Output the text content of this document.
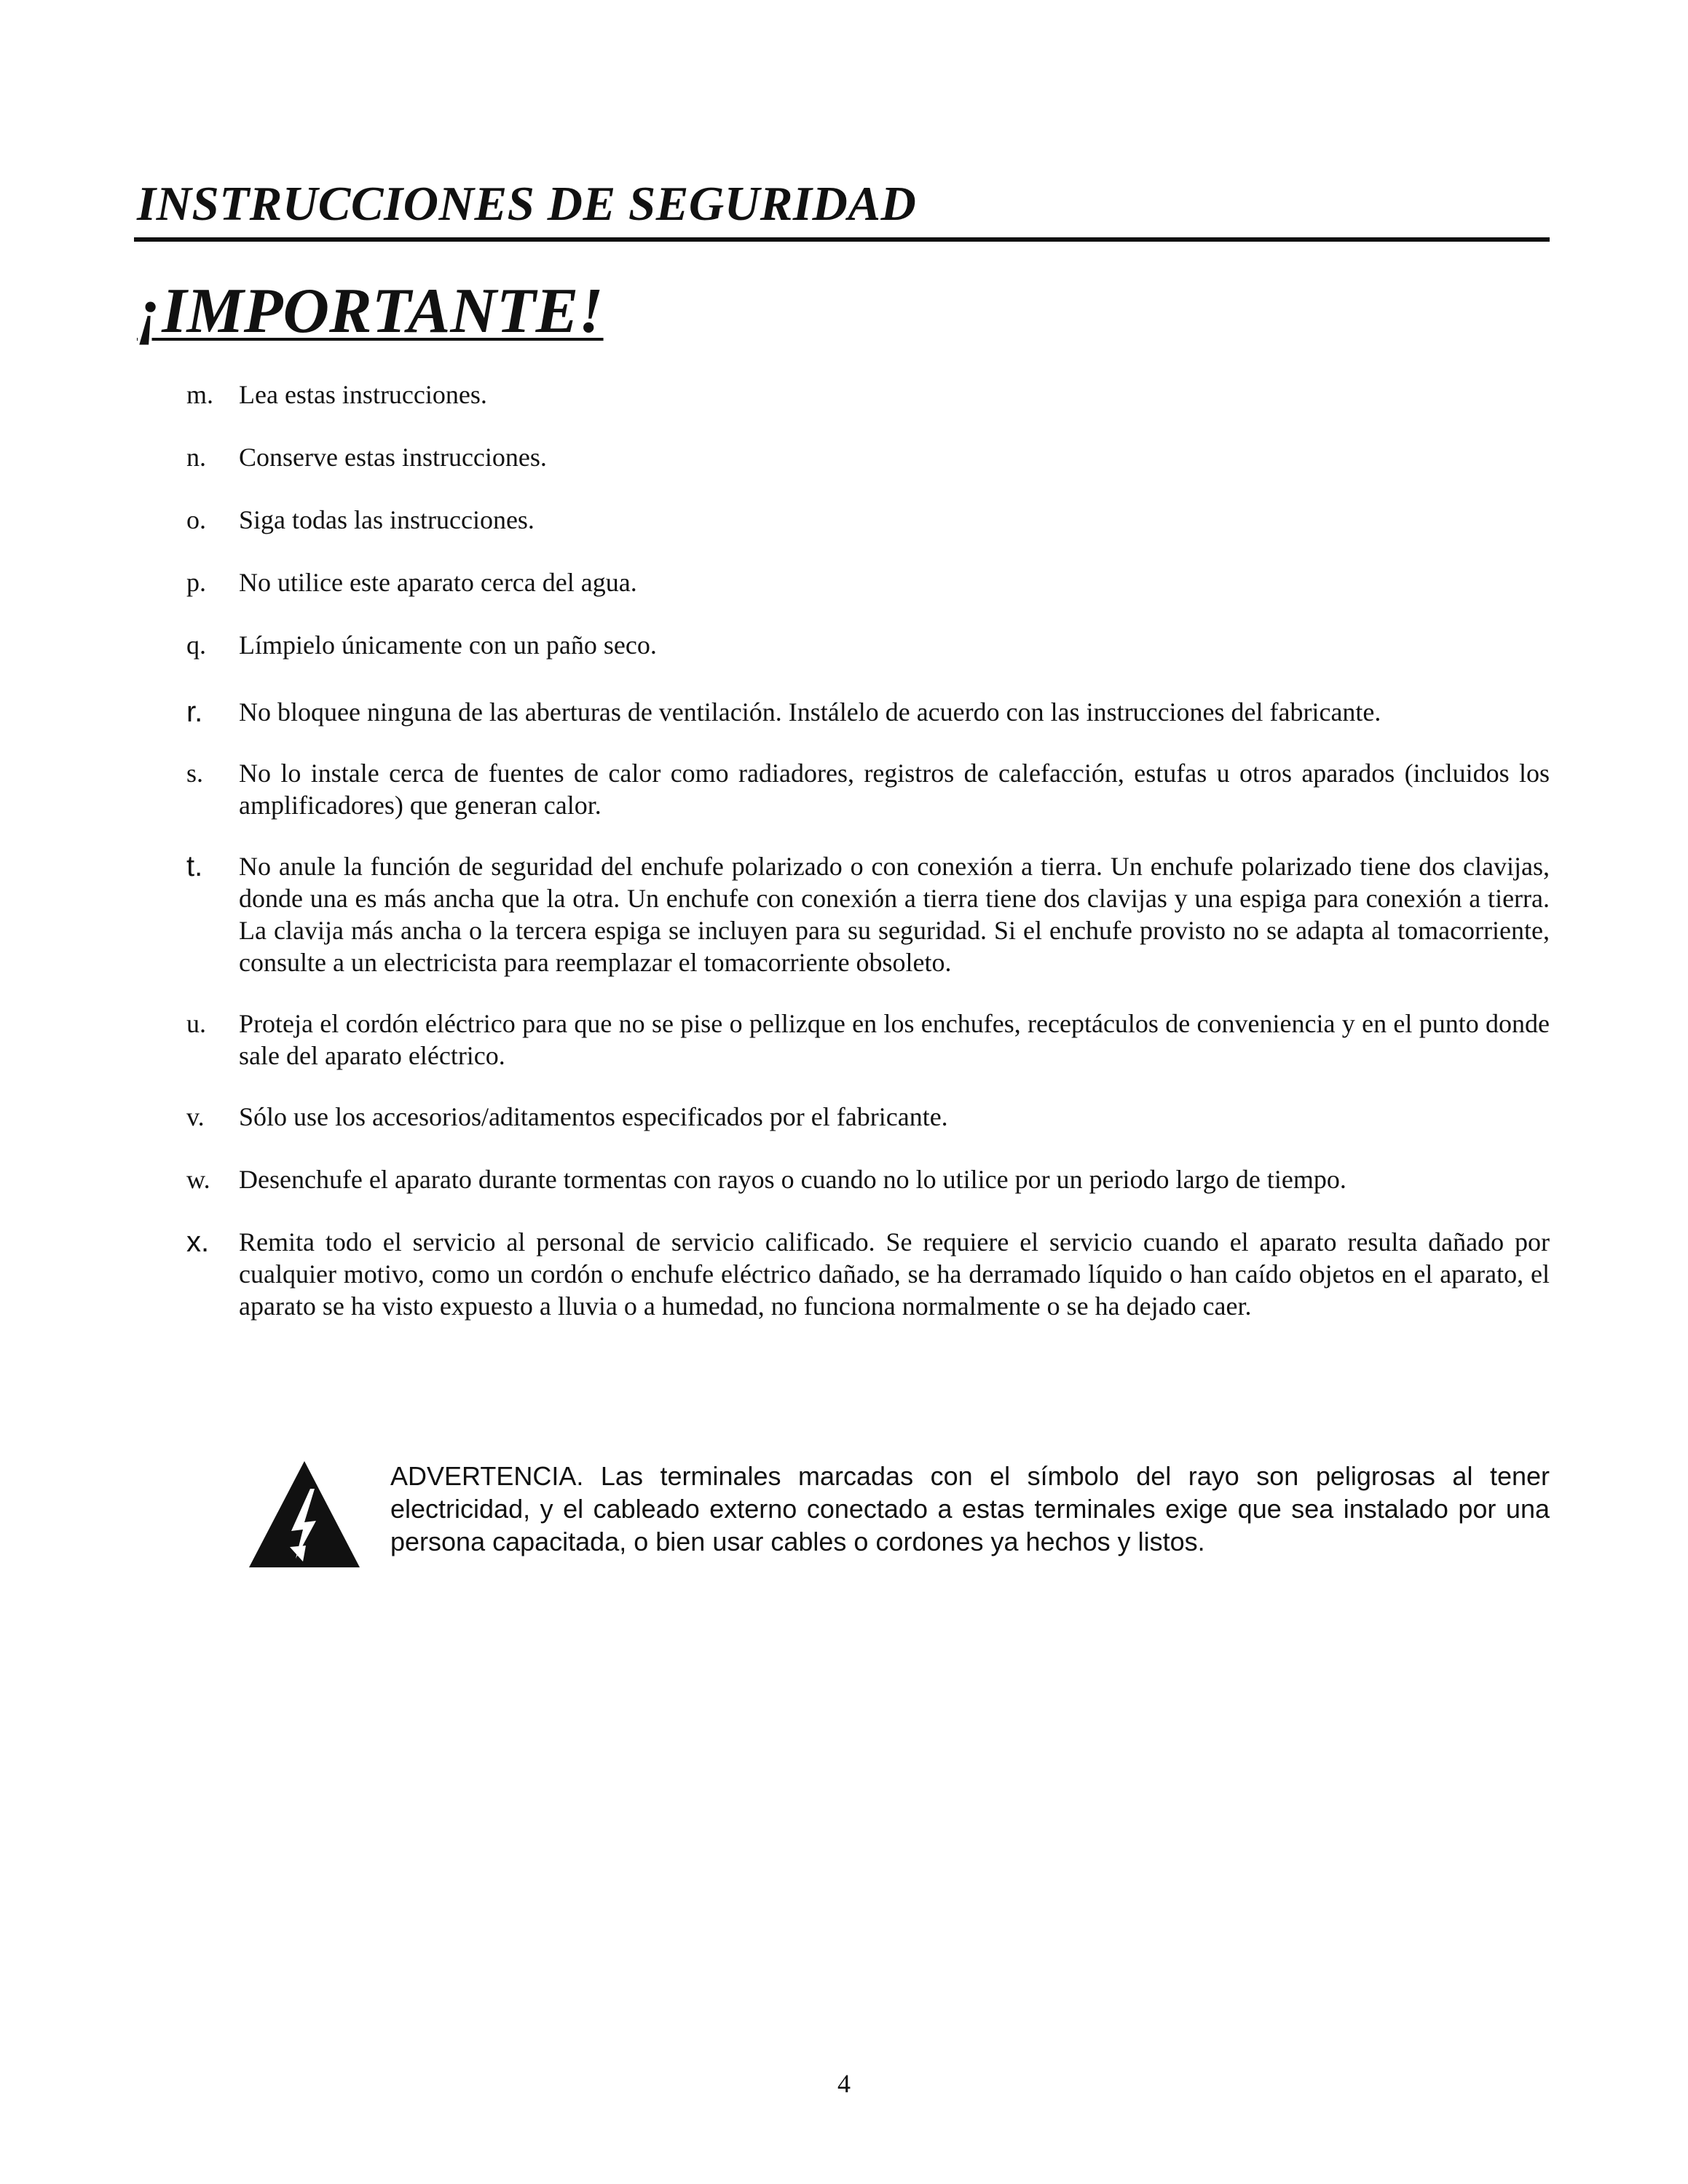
INSTRUCCIONES DE SEGURIDAD
¡IMPORTANTE!
m. Lea estas instrucciones.
n. Conserve estas instrucciones.
o. Siga todas las instrucciones.
p. No utilice este aparato cerca del agua.
q. Límpielo únicamente con un paño seco.
r. No bloquee ninguna de las aberturas de ventilación. Instálelo de acuerdo con las instrucciones del fabricante.
s. No lo instale cerca de fuentes de calor como radiadores, registros de calefacción, estufas u otros aparados (incluidos los amplificadores) que generan calor.
t. No anule la función de seguridad del enchufe polarizado o con conexión a tierra. Un enchufe polarizado tiene dos clavijas, donde una es más ancha que la otra. Un enchufe con conexión a tierra tiene dos clavijas y una espiga para conexión a tierra. La clavija más ancha o la tercera espiga se incluyen para su seguridad. Si el enchufe provisto no se adapta al tomacorriente, consulte a un electricista para reemplazar el tomacorriente obsoleto.
u. Proteja el cordón eléctrico para que no se pise o pellizque en los enchufes, receptáculos de conveniencia y en el punto donde sale del aparato eléctrico.
v. Sólo use los accesorios/aditamentos especificados por el fabricante.
w. Desenchufe el aparato durante tormentas con rayos o cuando no lo utilice por un periodo largo de tiempo.
x. Remita todo el servicio al personal de servicio calificado. Se requiere el servicio cuando el aparato resulta dañado por cualquier motivo, como un cordón o enchufe eléctrico dañado, se ha derramado líquido o han caído objetos en el aparato, el aparato se ha visto expuesto a lluvia o a humedad, no funciona normalmente o se ha dejado caer.

ADVERTENCIA. Las terminales marcadas con el símbolo del rayo son peligrosas al tener electricidad, y el cableado externo conectado a estas terminales exige que sea instalado por una persona capacitada, o bien usar cables o cordones ya hechos y listos.

4
